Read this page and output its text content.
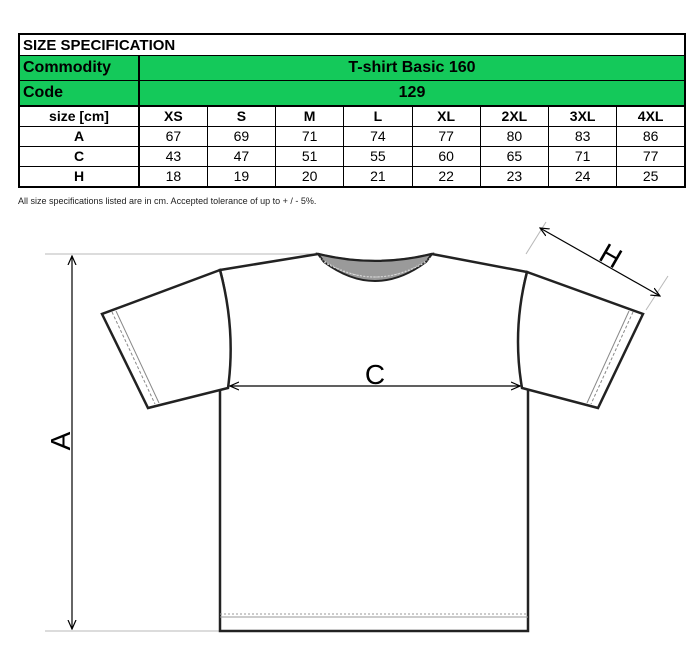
SIZE SPECIFICATION								
Commodity	T-shirt Basic 160							
Code	129							
size [cm]	XS	S	M	L	XL	2XL	3XL	4XL
A	67	69	71	74	77	80	83	86
C	43	47	51	55	60	65	71	77
H	18	19	20	21	22	23	24	25
All size specifications listed are in cm. Accepted tolerance of up to + / - 5%.
C
A
H
